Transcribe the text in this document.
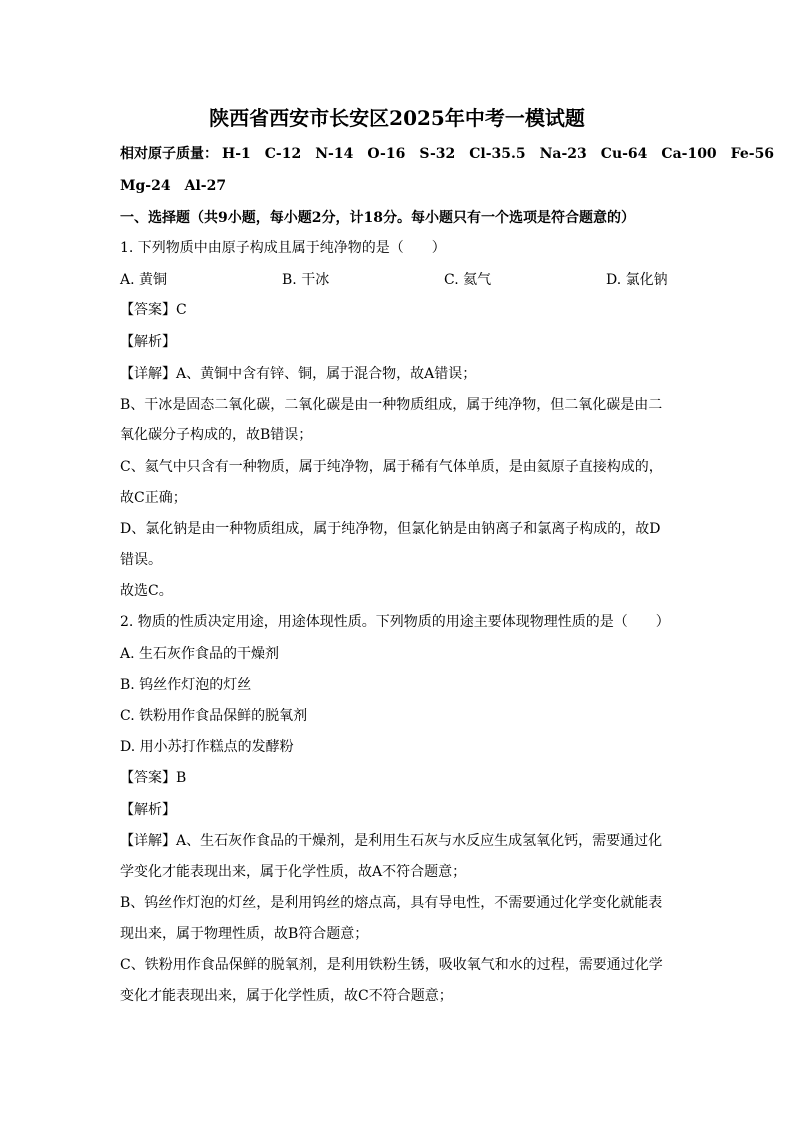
陕西省西安市长安区2025年中考一模试题
相对原子质量： H-1 C-12 N-14 O-16 S-32 Cl-35.5 Na-23 Cu-64 Ca-100 Fe-56
Mg-24 Al-27
一、选择题（共9小题，每小题2分，计18分。每小题只有一个选项是符合题意的）
1. 下列物质中由原子构成且属于纯净物的是（　　）
A. 黄铜	B. 干冰	C. 氦气	D. 氯化钠
【答案】C
【解析】
【详解】A、黄铜中含有锌、铜，属于混合物，故A错误；
B、干冰是固态二氧化碳，二氧化碳是由一种物质组成，属于纯净物，但二氧化碳是由二
氧化碳分子构成的，故B错误；
C、氦气中只含有一种物质，属于纯净物，属于稀有气体单质，是由氦原子直接构成的，
故C正确；
D、氯化钠是由一种物质组成，属于纯净物，但氯化钠是由钠离子和氯离子构成的，故D
错误。
故选C。
2. 物质的性质决定用途，用途体现性质。下列物质的用途主要体现物理性质的是（　　）
A. 生石灰作食品的干燥剂
B. 钨丝作灯泡的灯丝
C. 铁粉用作食品保鲜的脱氧剂
D. 用小苏打作糕点的发酵粉
【答案】B
【解析】
【详解】A、生石灰作食品的干燥剂，是利用生石灰与水反应生成氢氧化钙，需要通过化
学变化才能表现出来，属于化学性质，故A不符合题意；
B、钨丝作灯泡的灯丝，是利用钨丝的熔点高，具有导电性，不需要通过化学变化就能表
现出来，属于物理性质，故B符合题意；
C、铁粉用作食品保鲜的脱氧剂，是利用铁粉生锈，吸收氧气和水的过程，需要通过化学
变化才能表现出来，属于化学性质，故C不符合题意；
